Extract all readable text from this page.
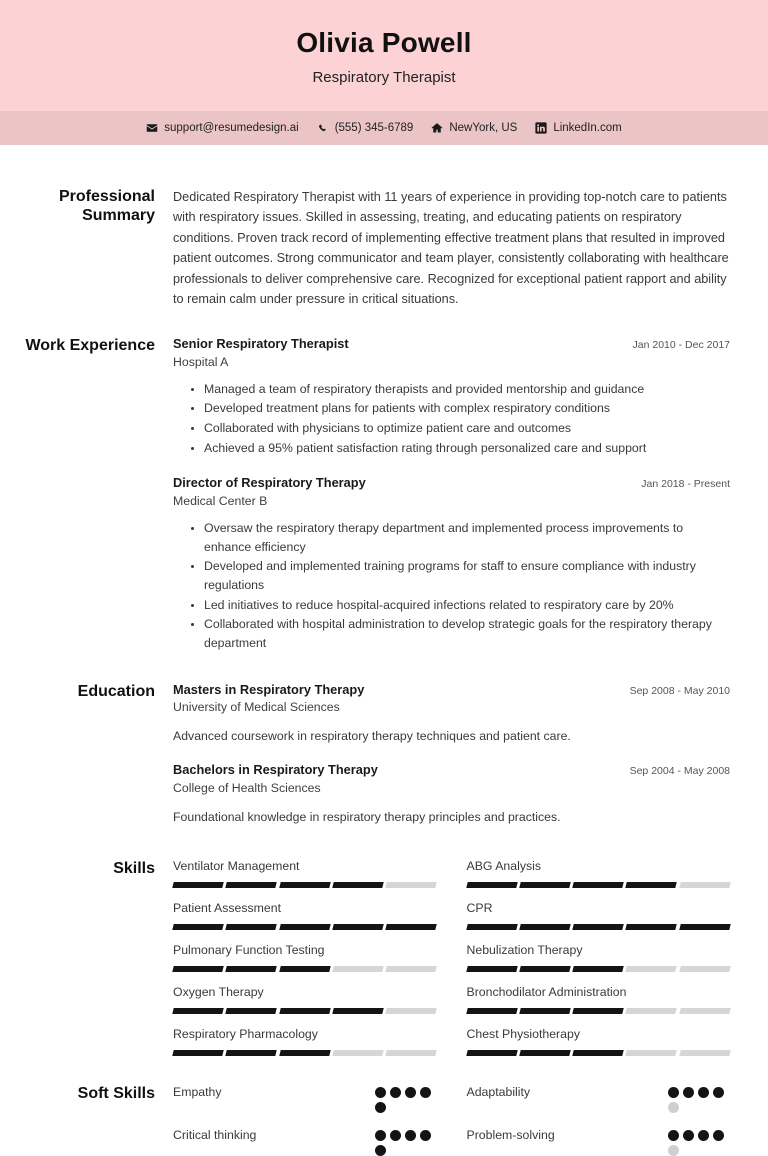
Olivia Powell
Respiratory Therapist
support@resumedesign.ai	(555) 345-6789	NewYork, US	LinkedIn.com
Professional Summary
Dedicated Respiratory Therapist with 11 years of experience in providing top-notch care to patients with respiratory issues. Skilled in assessing, treating, and educating patients on respiratory conditions. Proven track record of implementing effective treatment plans that resulted in improved patient outcomes. Strong communicator and team player, consistently collaborating with healthcare professionals to deliver comprehensive care. Recognized for exceptional patient rapport and ability to remain calm under pressure in critical situations.
Work Experience	Senior Respiratory Therapist	Jan 2010 - Dec 2017
Hospital A
Managed a team of respiratory therapists and provided mentorship and guidance
Developed treatment plans for patients with complex respiratory conditions
Collaborated with physicians to optimize patient care and outcomes
Achieved a 95% patient satisfaction rating through personalized care and support
Director of Respiratory Therapy	Jan 2018 - Present
Medical Center B
Oversaw the respiratory therapy department and implemented process improvements to enhance efficiency
Developed and implemented training programs for staff to ensure compliance with industry regulations
Led initiatives to reduce hospital-acquired infections related to respiratory care by 20%
Collaborated with hospital administration to develop strategic goals for the respiratory therapy department
Education	Masters in Respiratory Therapy	Sep 2008 - May 2010
University of Medical Sciences
Advanced coursework in respiratory therapy techniques and patient care.
Bachelors in Respiratory Therapy	Sep 2004 - May 2008
College of Health Sciences
Foundational knowledge in respiratory therapy principles and practices.
Skills	Ventilator Management	ABG Analysis
Patient Assessment	CPR
Pulmonary Function Testing	Nebulization Therapy
Oxygen Therapy	Bronchodilator Administration
Respiratory Pharmacology	Chest Physiotherapy
Soft Skills	Empathy	Adaptability
Critical thinking	Problem-solving
